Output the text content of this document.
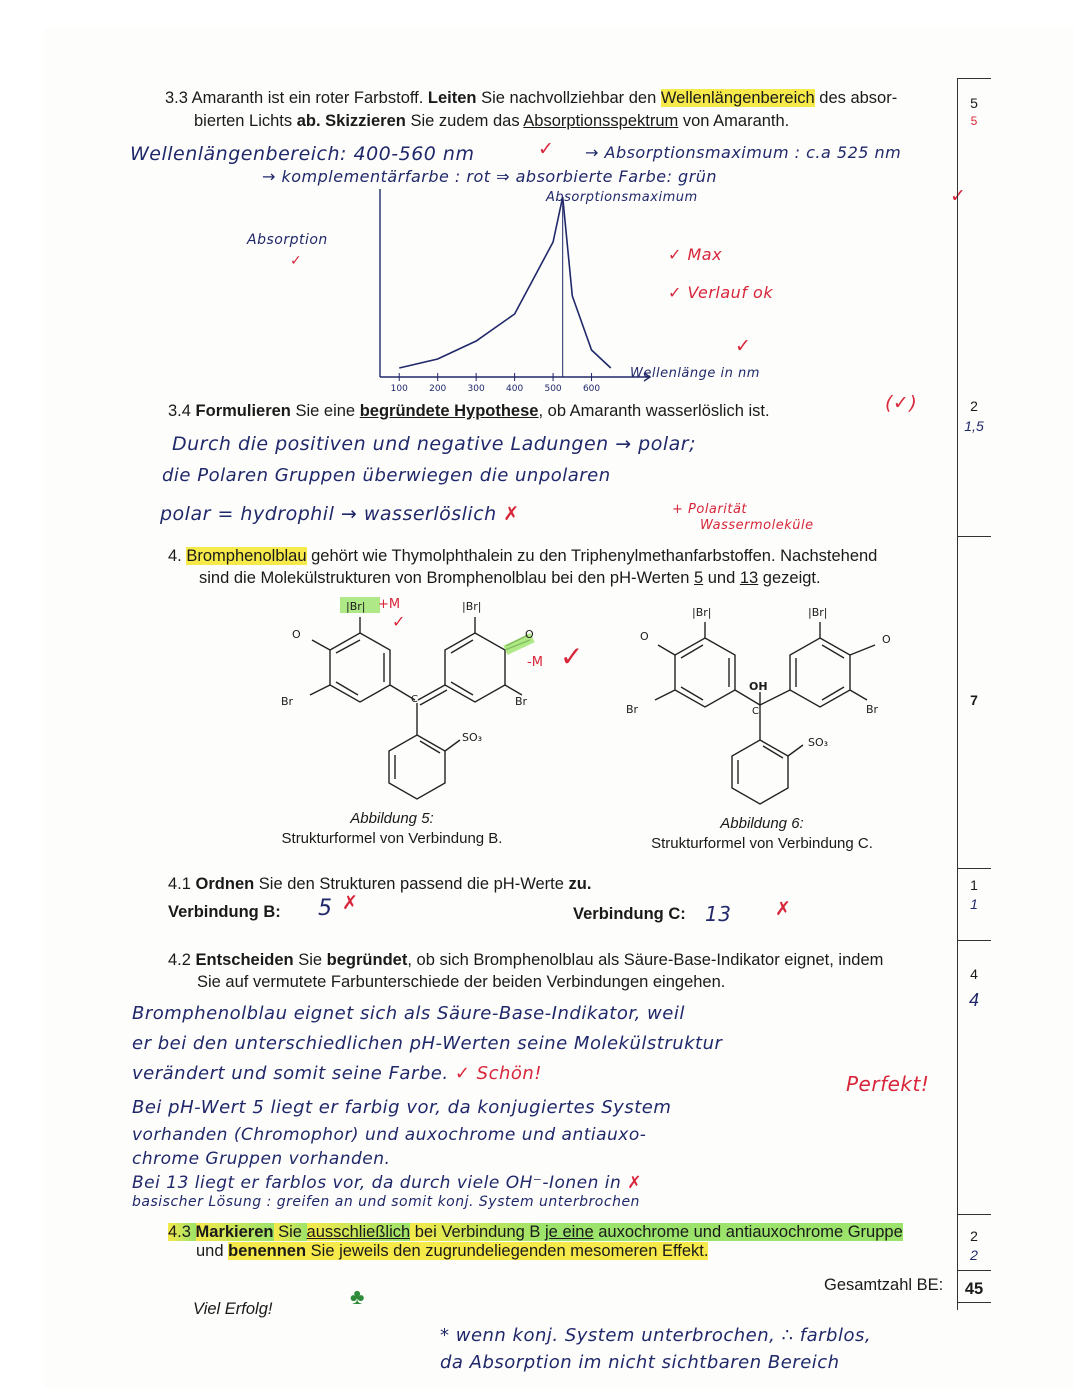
3.3 Amaranth ist ein roter Farbstoff. Leiten Sie nachvollziehbar den Wellenlängenbereich des absor-
bierten Lichts ab. Skizzieren Sie zudem das Absorptionsspektrum von Amaranth.
Wellenlängenbereich: 400-560 nm	✓ → Absorptionsmaximum : c.a 525 nm
→ komplementärfarbe : rot ⇒ absorbierte Farbe: grün
✓
Absorptionsmaximum
Absorption
✓
Wellenlänge in nm
✓ Max
✓ Verlauf ok
✓
100 200 300 400 500 600
3.4 Formulieren Sie eine begründete Hypothese, ob Amaranth wasserlöslich ist.	(✓)
Durch die positiven und negative Ladungen → polar;
die Polaren Gruppen überwiegen die unpolaren
polar = hydrophil → wasserlöslich ✗	+ Polarität
Wassermoleküle
4. Bromphenolblau gehört wie Thymolphthalein zu den Triphenylmethanfarbstoffen. Nachstehend
sind die Molekülstrukturen von Bromphenolblau bei den pH-Werten 5 und 13 gezeigt.
|Br| +M
✓
|Br|
O	O
-M ✓
Br	Br
C
SO₃
Abbildung 5:
Strukturformel von Verbindung B.
|Br|	|Br|
O	O
OH
Br	Br
C
SO₃
Abbildung 6:
Strukturformel von Verbindung C.
4.1 Ordnen Sie den Strukturen passend die pH-Werte zu.
Verbindung B: 5 ✗	Verbindung C: 13 ✗
4.2 Entscheiden Sie begründet, ob sich Bromphenolblau als Säure-Base-Indikator eignet, indem
Sie auf vermutete Farbunterschiede der beiden Verbindungen eingehen.
Bromphenolblau eignet sich als Säure-Base-Indikator, weil
er bei den unterschiedlichen pH-Werten seine Molekülstruktur
verändert und somit seine Farbe. ✓ Schön!	Perfekt!
Bei pH-Wert 5 liegt er farbig vor, da konjugiertes System
vorhanden (Chromophor) und auxochrome und antiauxo-
chrome Gruppen vorhanden.
Bei 13 liegt er farblos vor, da durch viele OH⁻-Ionen in ✗
basischer Lösung : greifen an und somit konj. System unterbrochen
4.3 Markieren Sie ausschließlich bei Verbindung B je eine auxochrome und antiauxochrome Gruppe
und benennen Sie jeweils den zugrundeliegenden mesomeren Effekt.
Gesamtzahl BE:	45
Viel Erfolg!	♣
* wenn konj. System unterbrochen, ∴ farblos,
da Absorption im nicht sichtbaren Bereich
5
5
2
1,5
7
1
1
4
4
2
2
